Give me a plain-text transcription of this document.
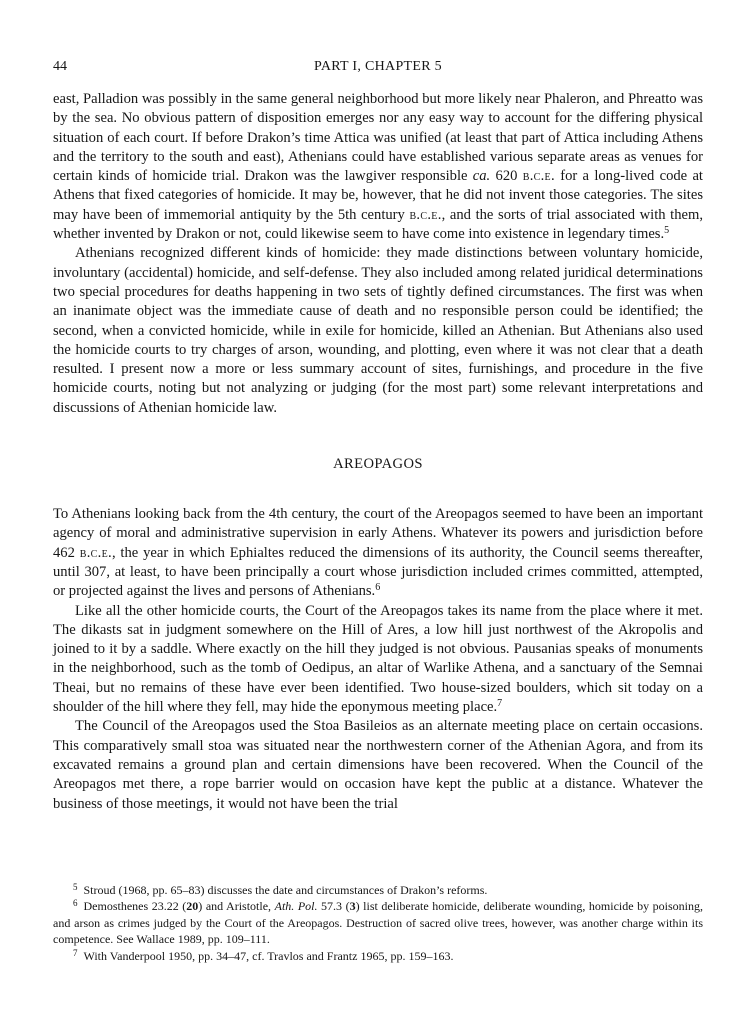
44	PART I, CHAPTER 5

east, Palladion was possibly in the same general neighborhood but more likely near Phaleron, and Phreatto was by the sea. No obvious pattern of disposition emerges nor any easy way to account for the differing physical situation of each court. If before Drakon’s time Attica was unified (at least that part of Attica including Athens and the territory to the south and east), Athenians could have established various separate areas as venues for certain kinds of homicide trial. Drakon was the lawgiver responsible ca. 620 b.c.e. for a long-lived code at Athens that fixed categories of homicide. It may be, however, that he did not invent those categories. The sites may have been of immemorial antiquity by the 5th century b.c.e., and the sorts of trial associated with them, whether invented by Drakon or not, could likewise seem to have come into existence in legendary times.$^5$

Athenians recognized different kinds of homicide: they made distinctions between voluntary homicide, involuntary (accidental) homicide, and self-defense. They also included among related juridical determinations two special procedures for deaths happening in two sets of tightly defined circumstances. The first was when an inanimate object was the immediate cause of death and no responsible person could be identified; the second, when a convicted homicide, while in exile for homicide, killed an Athenian. But Athenians also used the homicide courts to try charges of arson, wounding, and plotting, even where it was not clear that a death resulted. I present now a more or less summary account of sites, furnishings, and procedure in the five homicide courts, noting but not analyzing or judging (for the most part) some relevant interpretations and discussions of Athenian homicide law.

AREOPAGOS

To Athenians looking back from the 4th century, the court of the Areopagos seemed to have been an important agency of moral and administrative supervision in early Athens. Whatever its powers and jurisdiction before 462 b.c.e., the year in which Ephialtes reduced the dimensions of its authority, the Council seems thereafter, until 307, at least, to have been principally a court whose jurisdiction included crimes committed, attempted, or projected against the lives and persons of Athenians.$^6$

Like all the other homicide courts, the Court of the Areopagos takes its name from the place where it met. The dikasts sat in judgment somewhere on the Hill of Ares, a low hill just northwest of the Akropolis and joined to it by a saddle. Where exactly on the hill they judged is not obvious. Pausanias speaks of monuments in the neighborhood, such as the tomb of Oedipus, an altar of Warlike Athena, and a sanctuary of the Semnai Theai, but no remains of these have ever been identified. Two house-sized boulders, which sit today on a shoulder of the hill where they fell, may hide the eponymous meeting place.$^7$

The Council of the Areopagos used the Stoa Basileios as an alternate meeting place on certain occasions. This comparatively small stoa was situated near the northwestern corner of the Athenian Agora, and from its excavated remains a ground plan and certain dimensions have been recovered. When the Council of the Areopagos met there, a rope barrier would on occasion have kept the public at a distance. Whatever the business of those meetings, it would not have been the trial

$^5$ Stroud (1968, pp. 65–83) discusses the date and circumstances of Drakon’s reforms.

$^6$ Demosthenes 23.22 (20) and Aristotle, Ath. Pol. 57.3 (3) list deliberate homicide, deliberate wounding, homicide by poisoning, and arson as crimes judged by the Court of the Areopagos. Destruction of sacred olive trees, however, was another charge within its competence. See Wallace 1989, pp. 109–111.

$^7$ With Vanderpool 1950, pp. 34–47, cf. Travlos and Frantz 1965, pp. 159–163.
